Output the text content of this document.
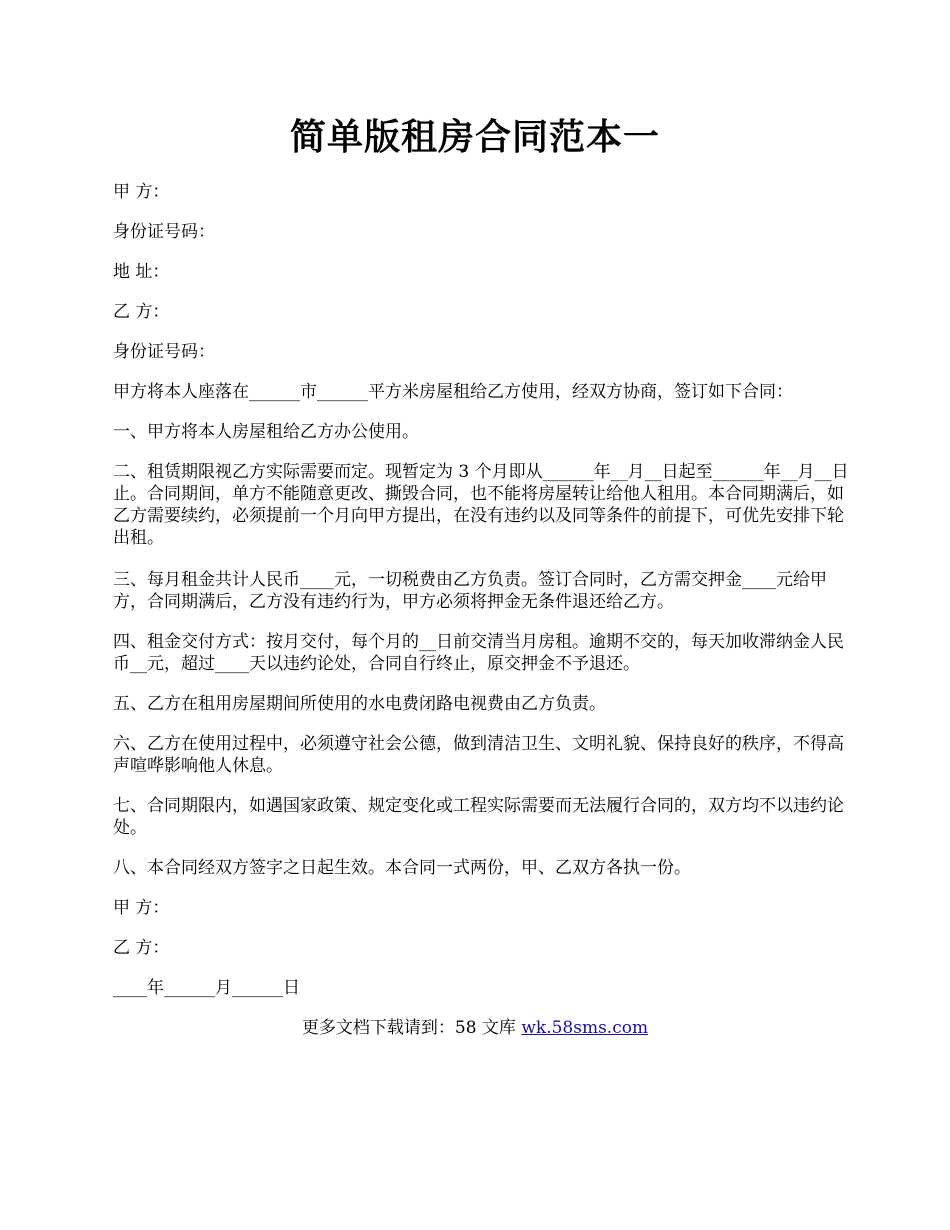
简单版租房合同范本一

甲 方：

身份证号码：

地 址：

乙 方：

身份证号码：

甲方将本人座落在______市______平方米房屋租给乙方使用，经双方协商，签订如下合同：

一、甲方将本人房屋租给乙方办公使用。

二、租赁期限视乙方实际需要而定。现暂定为 3 个月即从______年__月__日起至______年__月__日止。合同期间，单方不能随意更改、撕毁合同，也不能将房屋转让给他人租用。本合同期满后，如乙方需要续约，必须提前一个月向甲方提出，在没有违约以及同等条件的前提下，可优先安排下轮出租。

三、每月租金共计人民币____元，一切税费由乙方负责。签订合同时，乙方需交押金____元给甲方，合同期满后，乙方没有违约行为，甲方必须将押金无条件退还给乙方。

四、租金交付方式：按月交付，每个月的__日前交清当月房租。逾期不交的，每天加收滞纳金人民币__元，超过____天以违约论处，合同自行终止，原交押金不予退还。

五、乙方在租用房屋期间所使用的水电费闭路电视费由乙方负责。

六、乙方在使用过程中，必须遵守社会公德，做到清洁卫生、文明礼貌、保持良好的秩序，不得高声喧哗影响他人休息。

七、合同期限内，如遇国家政策、规定变化或工程实际需要而无法履行合同的，双方均不以违约论处。

八、本合同经双方签字之日起生效。本合同一式两份，甲、乙双方各执一份。

甲 方：

乙 方：

____年______月______日

更多文档下载请到：58 文库 wk.58sms.com
